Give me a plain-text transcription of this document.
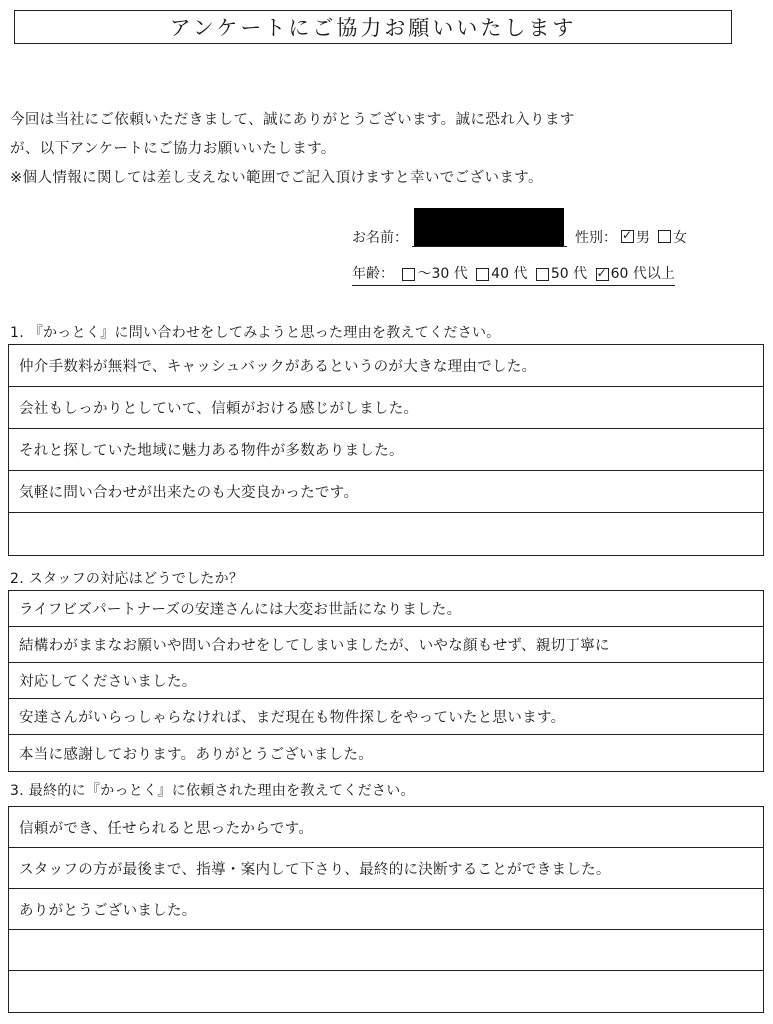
アンケートにご協力お願いいたします
今回は当社にご依頼いただきまして、誠にありがとうございます。誠に恐れ入ります
が、以下アンケートにご協力お願いいたします。
※個人情報に関しては差し支えない範囲でご記入頂けますと幸いでございます。
お名前：	性別： ✓ 男 女
年齢： 〜30 代 40 代 50 代 ✓ 60 代以上
1. 『かっとく』に問い合わせをしてみようと思った理由を教えてください。
仲介手数料が無料で、キャッシュバックがあるというのが大きな理由でした。
会社もしっかりとしていて、信頼がおける感じがしました。
それと探していた地域に魅力ある物件が多数ありました。
気軽に問い合わせが出来たのも大変良かったです。
2. スタッフの対応はどうでしたか？
ライフビズパートナーズの安達さんには大変お世話になりました。
結構わがままなお願いや問い合わせをしてしまいましたが、いやな顔もせず、親切丁寧に
対応してくださいました。
安達さんがいらっしゃらなければ、まだ現在も物件探しをやっていたと思います。
本当に感謝しております。ありがとうございました。
3. 最終的に『かっとく』に依頼された理由を教えてください。
信頼ができ、任せられると思ったからです。
スタッフの方が最後まで、指導・案内して下さり、最終的に決断することができました。
ありがとうございました。
